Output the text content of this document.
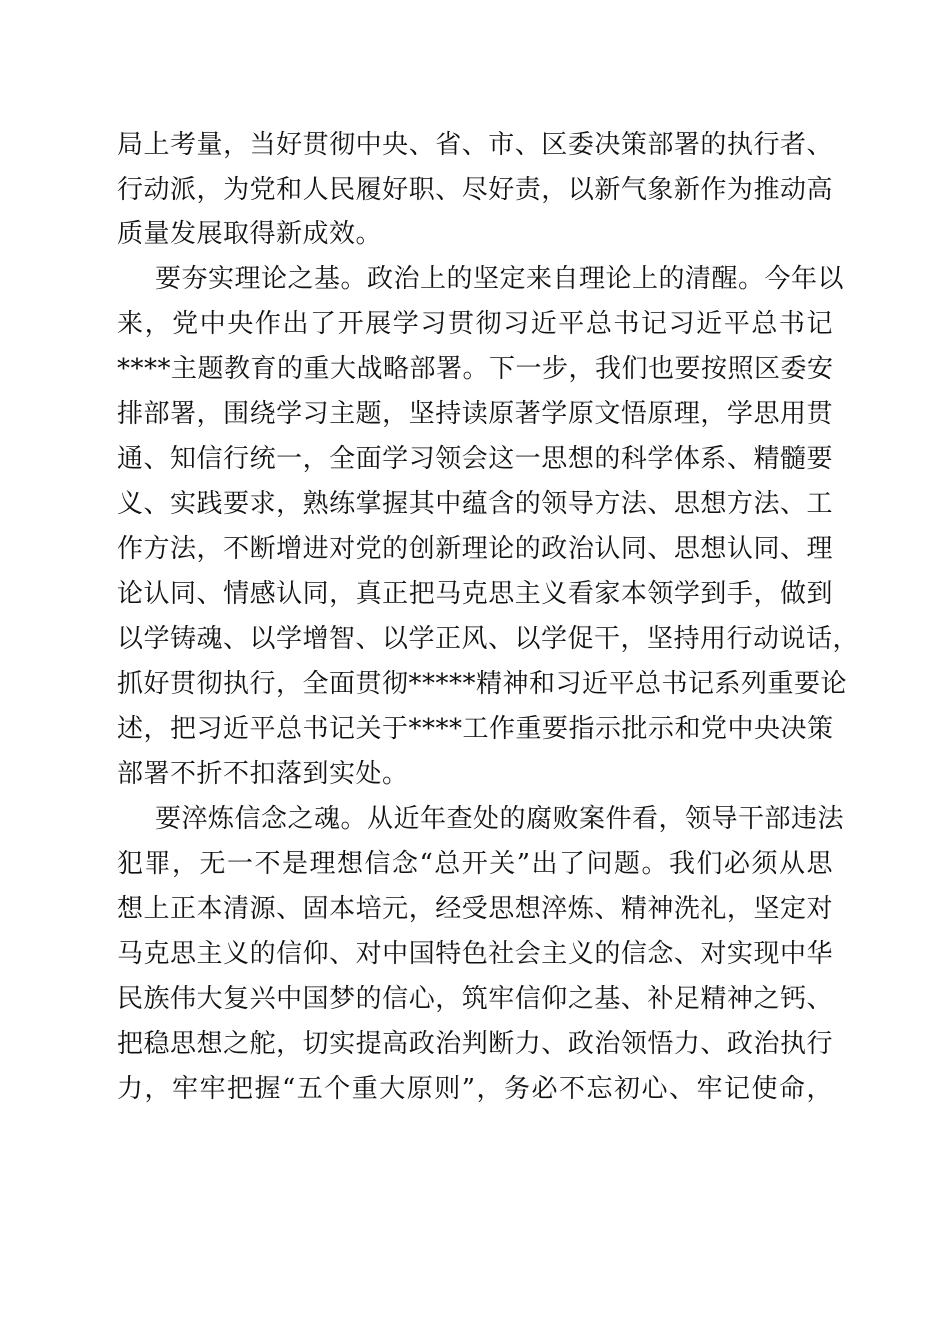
局上考量，当好贯彻中央、省、市、区委决策部署的执行者、
行动派，为党和人民履好职、尽好责，以新气象新作为推动高
质量发展取得新成效。
要夯实理论之基。政治上的坚定来自理论上的清醒。今年以
来，党中央作出了开展学习贯彻习近平总书记习近平总书记
****主题教育的重大战略部署。下一步，我们也要按照区委安
排部署，围绕学习主题，坚持读原著学原文悟原理，学思用贯
通、知信行统一，全面学习领会这一思想的科学体系、精髓要
义、实践要求，熟练掌握其中蕴含的领导方法、思想方法、工
作方法，不断增进对党的创新理论的政治认同、思想认同、理
论认同、情感认同，真正把马克思主义看家本领学到手，做到
以学铸魂、以学增智、以学正风、以学促干，坚持用行动说话，
抓好贯彻执行，全面贯彻*****精神和习近平总书记系列重要论
述，把习近平总书记关于****工作重要指示批示和党中央决策
部署不折不扣落到实处。
要淬炼信念之魂。从近年查处的腐败案件看，领导干部违法
犯罪，无一不是理想信念“总开关”出了问题。我们必须从思
想上正本清源、固本培元，经受思想淬炼、精神洗礼，坚定对
马克思主义的信仰、对中国特色社会主义的信念、对实现中华
民族伟大复兴中国梦的信心，筑牢信仰之基、补足精神之钙、
把稳思想之舵，切实提高政治判断力、政治领悟力、政治执行
力，牢牢把握“五个重大原则”，务必不忘初心、牢记使命，
